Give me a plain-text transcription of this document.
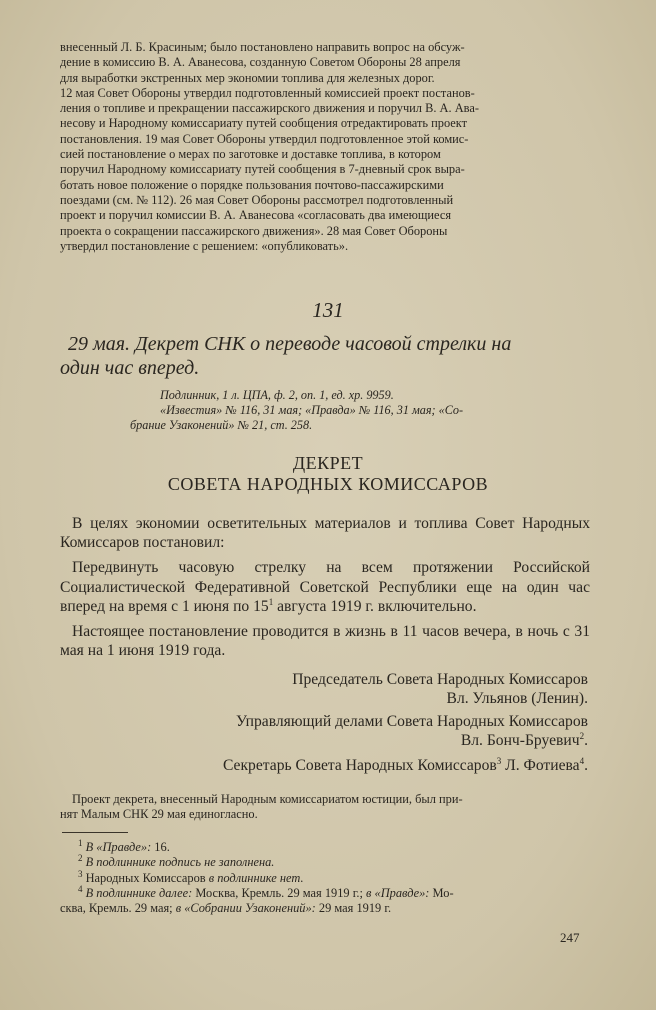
внесенный Л. Б. Красиным; было постановлено направить вопрос на обсуж-

дение в комиссию В. А. Аванесова, созданную Советом Обороны 28 апреля

для выработки экстренных мер экономии топлива для железных дорог.

12 мая Совет Обороны утвердил подготовленный комиссией проект постанов-

ления о топливе и прекращении пассажирского движения и поручил В. А. Ава-

несову и Народному комиссариату путей сообщения отредактировать проект

постановления. 19 мая Совет Обороны утвердил подготовленное этой комис-

сией постановление о мерах по заготовке и доставке топлива, в котором

поручил Народному комиссариату путей сообщения в 7-дневный срок выра-

ботать новое положение о порядке пользования почтово-пассажирскими

поездами (см. № 112). 26 мая Совет Обороны рассмотрел подготовленный

проект и поручил комиссии В. А. Аванесова «согласовать два имеющиеся

проекта о сокращении пассажирского движения». 28 мая Совет Обороны

утвердил постановление с решением: «опубликовать».

131
29 мая. Декрет СНК о переводе часовой стрелки на
один час вперед.

Подлинник, 1 л. ЦПА, ф. 2, оп. 1, ед. хр. 9959.

«Известия» № 116, 31 мая; «Правда» № 116, 31 мая; «Со-

брание Узаконений» № 21, ст. 258.

ДЕКРЕТ
СОВЕТА НАРОДНЫХ КОМИССАРОВ

В целях экономии осветительных материалов и топлива Совет Народных Комиссаров постановил:

Передвинуть часовую стрелку на всем протяжении Российской Социалистической Федеративной Советской Республики еще на один час вперед на время с 1 июня по $15^1$ августа 1919 г. включительно.

Настоящее постановление проводится в жизнь в 11 часов вечера, в ночь с 31 мая на 1 июня 1919 года.

Председатель Совета Народных Комиссаров
Вл. Ульянов (Ленин).
Управляющий делами Совета Народных Комиссаров
Вл. Бонч-Бруевич$^2$.
Секретарь Совета Народных Комиссаров$^3$ Л. Фотиева$^4$.

Проект декрета, внесенный Народным комиссариатом юстиции, был при-

нят Малым СНК 29 мая единогласно.

$^1$ В «Правде»: 16.

$^2$ В подлиннике подпись не заполнена.

$^3$ Народных Комиссаров в подлиннике нет.

$^4$ В подлиннике далее: Москва, Кремль. 29 мая 1919 г.; в «Правде»: Мо-

сква, Кремль. 29 мая; в «Собрании Узаконений»: 29 мая 1919 г.

247
